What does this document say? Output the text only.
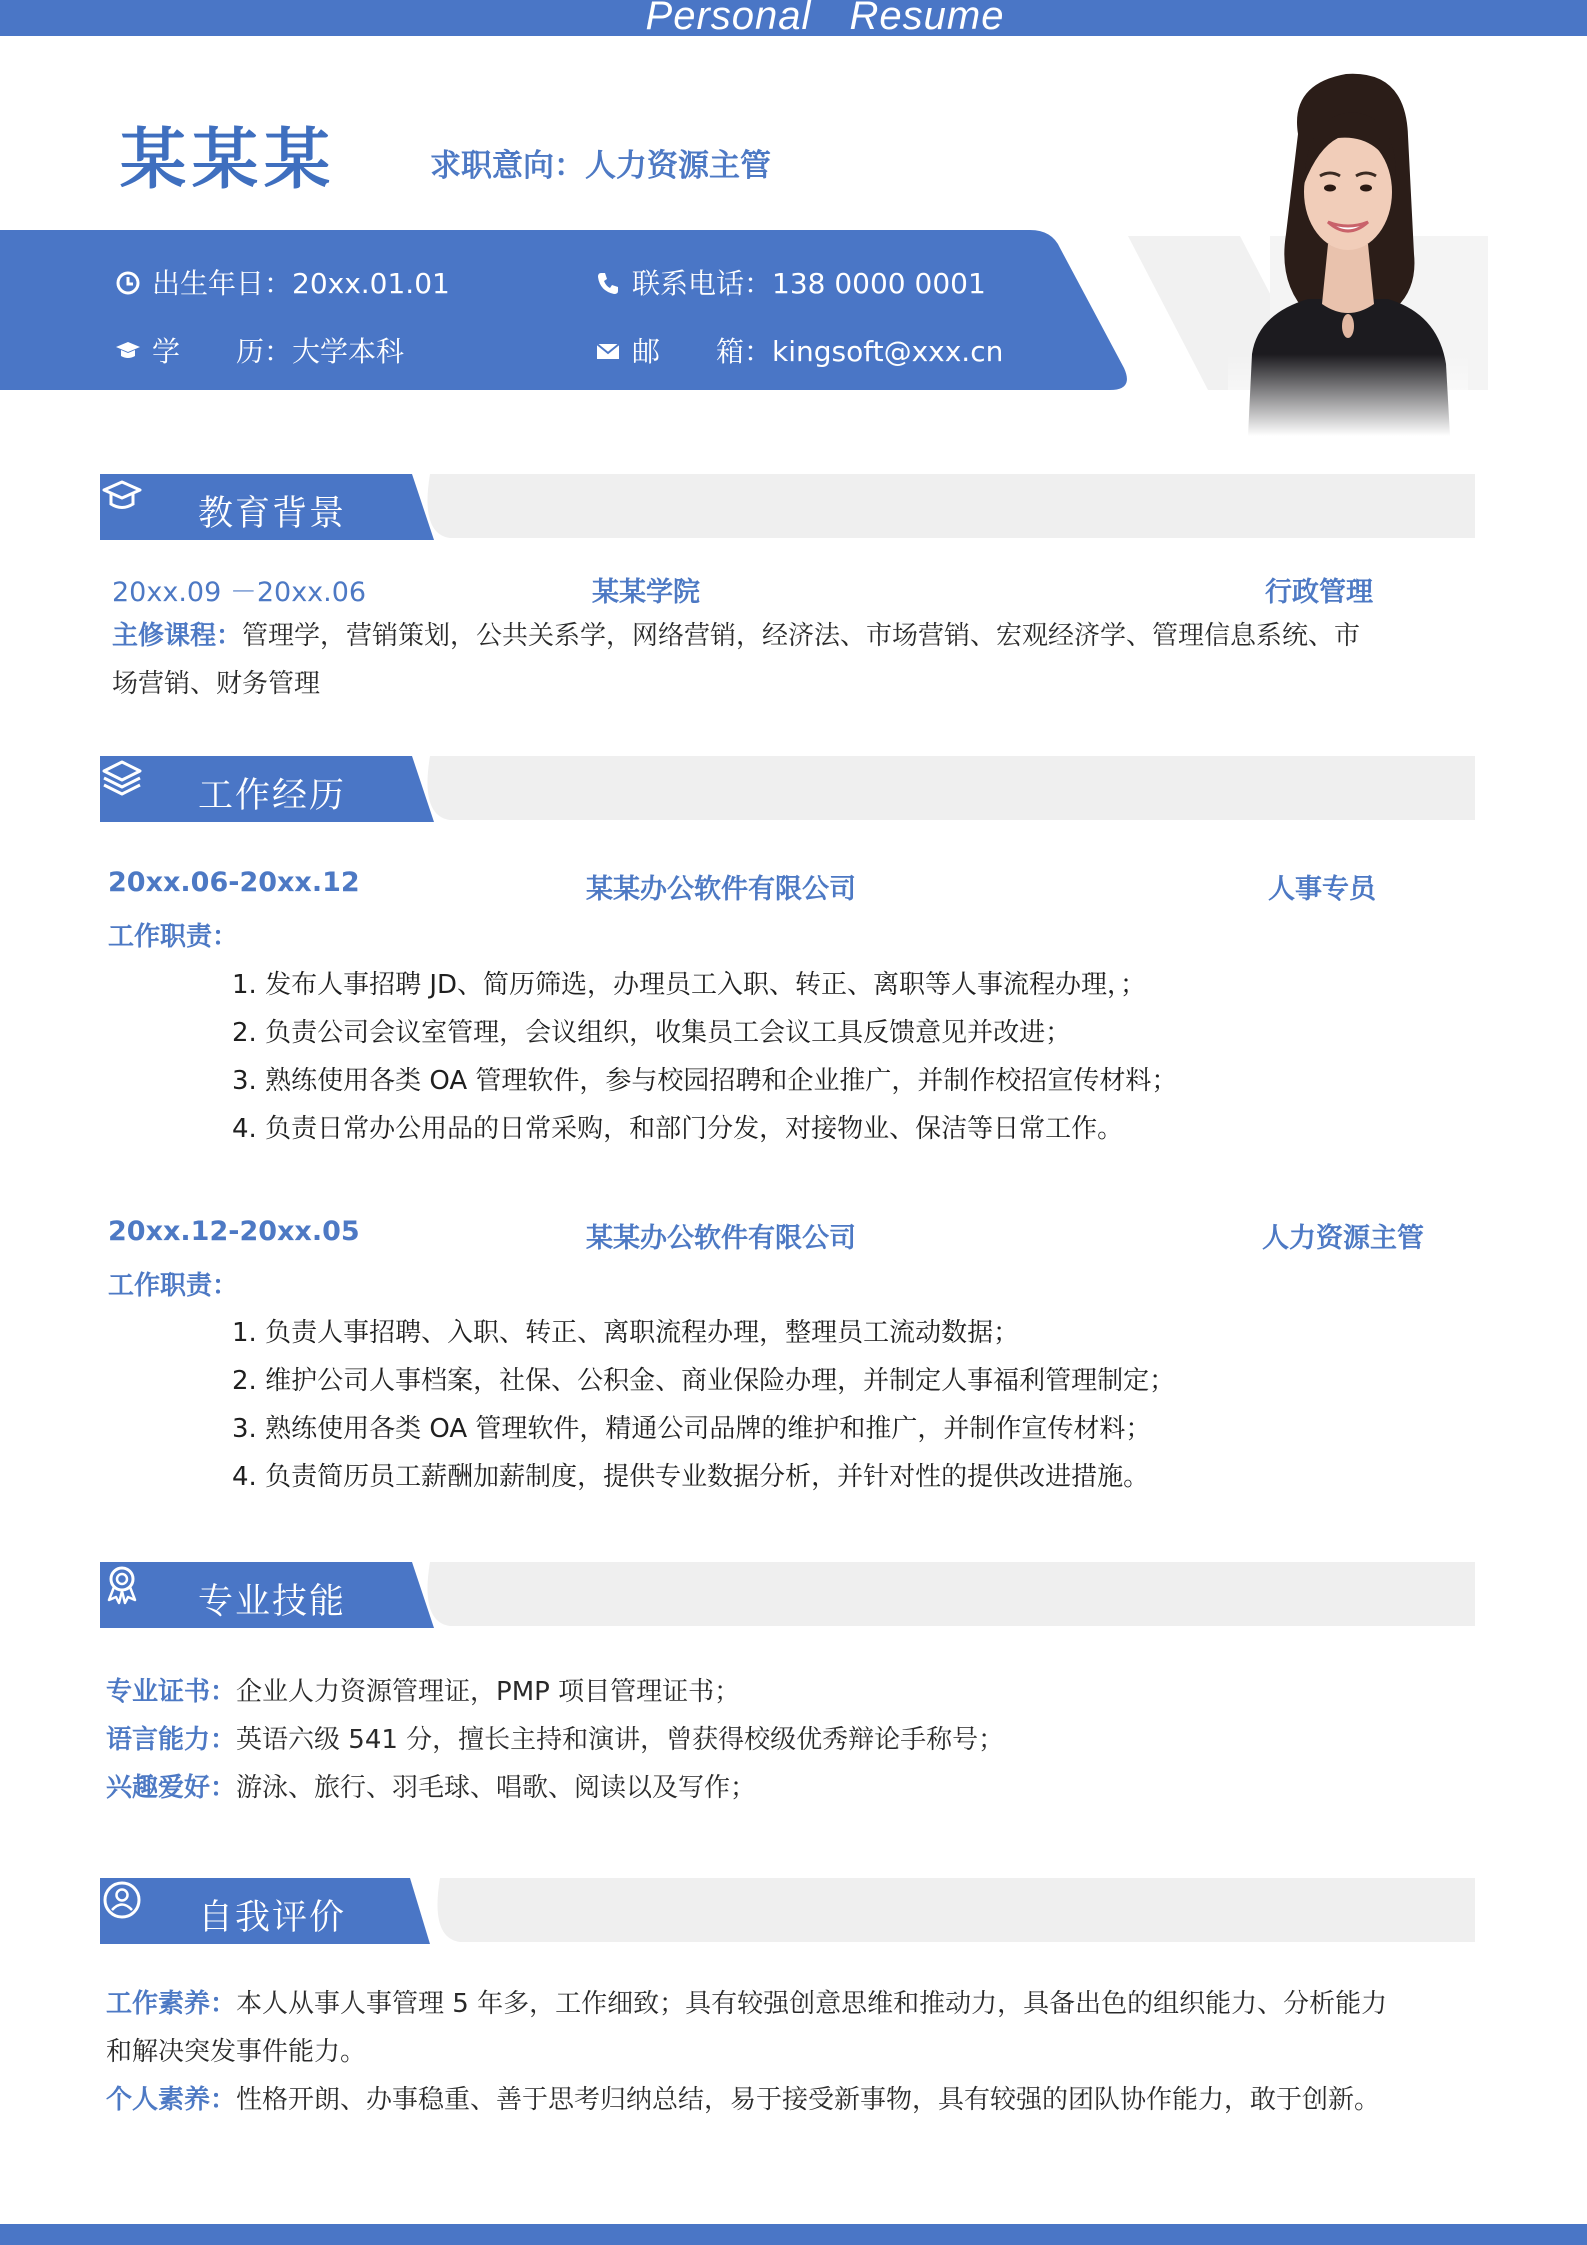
Personal Resume
某某某	求职意向：人力资源主管
出生年日：20xx.01.01	联系电话：138 0000 0001
学　　历：大学本科	邮　　箱：kingsoft@xxx.cn
教育背景
20xx.09 －20xx.06	某某学院	行政管理
主修课程：管理学，营销策划，公共关系学，网络营销，经济法、市场营销、宏观经济学、管理信息系统、市
场营销、财务管理
工作经历
20xx.06-20xx.12	某某办公软件有限公司	人事专员
工作职责：
1. 发布人事招聘 JD、简历筛选，办理员工入职、转正、离职等人事流程办理，；
2. 负责公司会议室管理，会议组织，收集员工会议工具反馈意见并改进；
3. 熟练使用各类 OA 管理软件，参与校园招聘和企业推广，并制作校招宣传材料；
4. 负责日常办公用品的日常采购，和部门分发，对接物业、保洁等日常工作。
20xx.12-20xx.05	某某办公软件有限公司	人力资源主管
工作职责：
1. 负责人事招聘、入职、转正、离职流程办理，整理员工流动数据；
2. 维护公司人事档案，社保、公积金、商业保险办理，并制定人事福利管理制定；
3. 熟练使用各类 OA 管理软件，精通公司品牌的维护和推广，并制作宣传材料；
4. 负责简历员工薪酬加薪制度，提供专业数据分析，并针对性的提供改进措施。
专业技能
专业证书：企业人力资源管理证，PMP 项目管理证书；
语言能力：英语六级 541 分，擅长主持和演讲，曾获得校级优秀辩论手称号；
兴趣爱好：游泳、旅行、羽毛球、唱歌、阅读以及写作；
自我评价
工作素养：本人从事人事管理 5 年多，工作细致；具有较强创意思维和推动力，具备出色的组织能力、分析能力
和解决突发事件能力。
个人素养：性格开朗、办事稳重、善于思考归纳总结，易于接受新事物，具有较强的团队协作能力，敢于创新。
